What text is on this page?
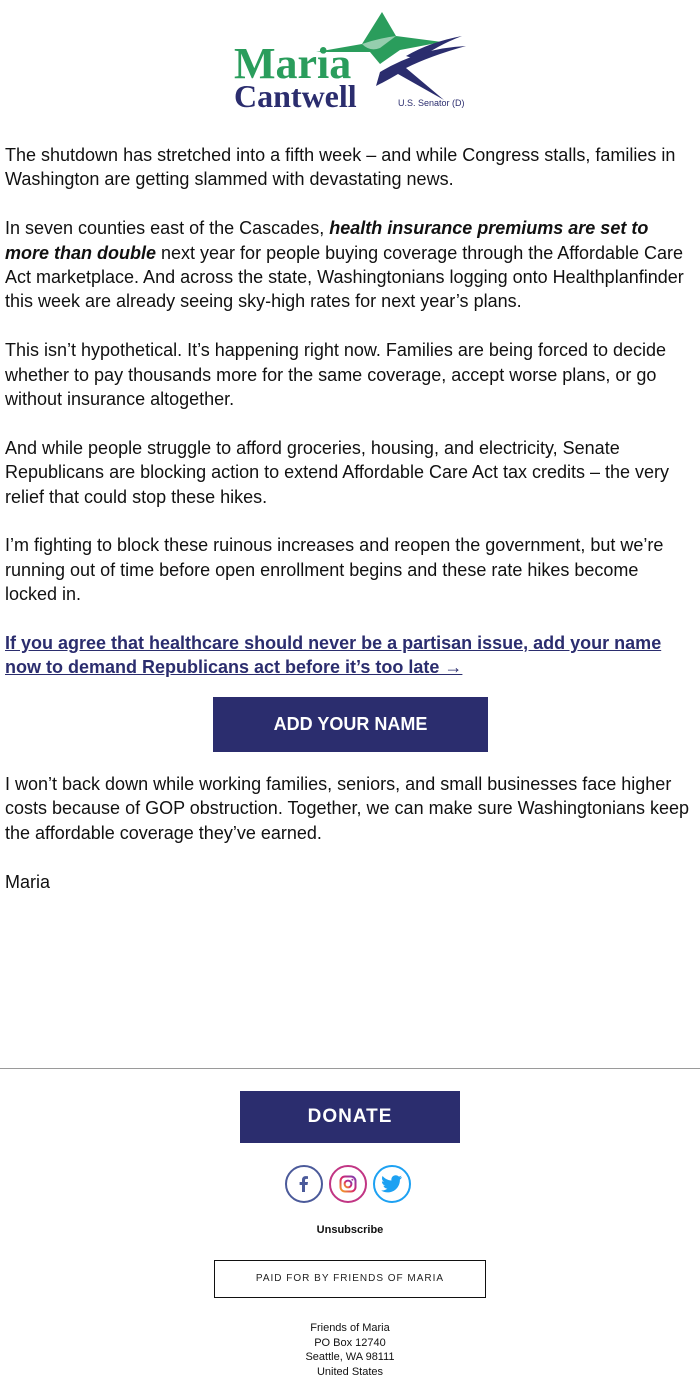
Maria
Cantwell	U.S. Senator (D)

The shutdown has stretched into a fifth week – and while Congress stalls, families in Washington are getting slammed with devastating news.

In seven counties east of the Cascades, health insurance premiums are set to more than double next year for people buying coverage through the Affordable Care Act marketplace. And across the state, Washingtonians logging onto Healthplanfinder this week are already seeing sky-high rates for next year’s plans.

This isn’t hypothetical. It’s happening right now. Families are being forced to decide whether to pay thousands more for the same coverage, accept worse plans, or go without insurance altogether.

And while people struggle to afford groceries, housing, and electricity, Senate Republicans are blocking action to extend Affordable Care Act tax credits – the very relief that could stop these hikes.

I’m fighting to block these ruinous increases and reopen the government, but we’re running out of time before open enrollment begins and these rate hikes become locked in.

If you agree that healthcare should never be a partisan issue, add your name now to demand Republicans act before it’s too late →

ADD YOUR NAME

I won’t back down while working families, seniors, and small businesses face higher costs because of GOP obstruction. Together, we can make sure Washingtonians keep the affordable coverage they’ve earned.

Maria

DONATE
Unsubscribe
PAID FOR BY FRIENDS OF MARIA
Friends of Maria
PO Box 12740
Seattle, WA 98111
United States
